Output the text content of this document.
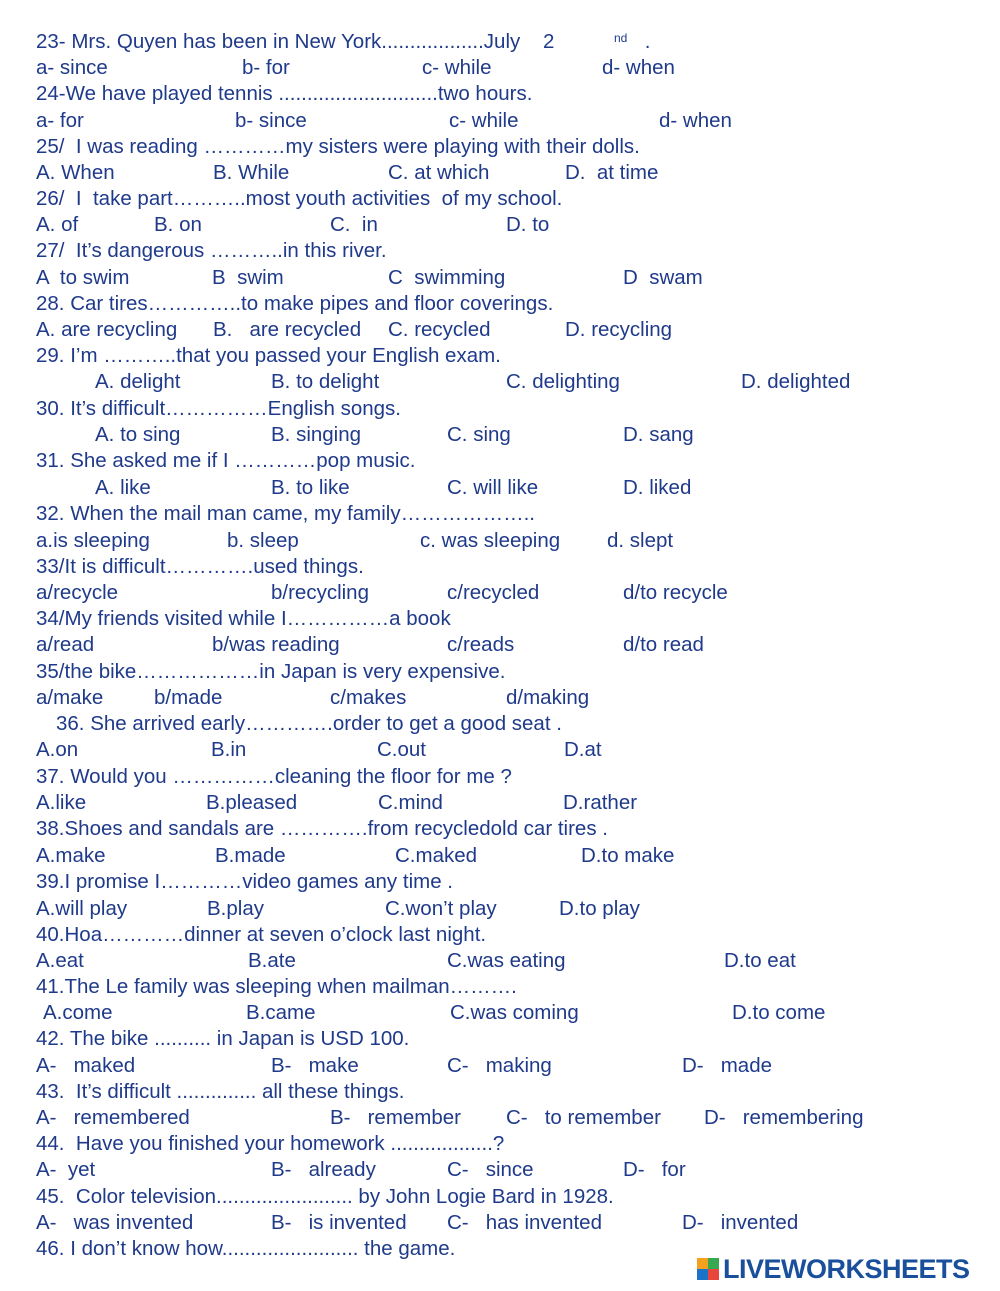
23- Mrs. Quyen has been in New York..................July    2	$^{nd}$ .
a- since	b- for	c- while	d- when
24-We have played tennis ............................two hours.
a- for	b- since	c- while	d- when
25/  I was reading …………my sisters were playing with their dolls.
A. When	B. While	C. at which	D.  at time
26/  I  take part………..most youth activities  of my school.
A. of	B. on	C.  in	D. to
27/  It’s dangerous ………..in this river.
A  to swim	B  swim	C  swimming	D  swam
28. Car tires…………..to make pipes and floor coverings.
A. are recycling B.   are recycled C. recycled	D. recycling
29. I’m ………..that you passed your English exam.
A. delight	B. to delight	C. delighting	D. delighted
30. It’s difficult……………English songs.
A. to sing	B. singing	C. sing	D. sang
31. She asked me if I …………pop music.
A. like	B. to like	C. will like	D. liked
32. When the mail man came, my family………………..
a.is sleeping	b. sleep	c. was sleeping d. slept
33/It is difficult………….used things.
a/recycle	b/recycling	c/recycled	d/to recycle
34/My friends visited while I……………a book
a/read	b/was reading	c/reads	d/to read
35/the bike………………in Japan is very expensive.
a/make b/made	c/makes	d/making
36. She arrived early………….order to get a good seat .
A.on	B.in	C.out	D.at
37. Would you ……………cleaning the floor for me ?
A.like	B.pleased	C.mind	D.rather
38.Shoes and sandals are ………….from recycledold car tires .
A.make	B.made	C.maked	D.to make
39.I promise I…………video games any time .
A.will play	B.play	C.won’t play	D.to play
40.Hoa…………dinner at seven o’clock last night.
A.eat	B.ate	C.was eating	D.to eat
41.The Le family was sleeping when mailman……….
A.come	B.came	C.was coming	D.to come
42. The bike .......... in Japan is USD 100.
A-   maked	B-   make	C-   making	D-   made
43.  It’s difficult .............. all these things.
A-   remembered	B-   remember C-   to remember D-   remembering
44.  Have you finished your homework ..................?
A-  yet	B-   already	C-   since	D-   for
45.  Color television........................ by John Logie Bard in 1928.
A-   was invented	B-   is invented C-   has invented	D-   invented
46. I don’t know how........................ the game.
LIVEWORKSHEETS
